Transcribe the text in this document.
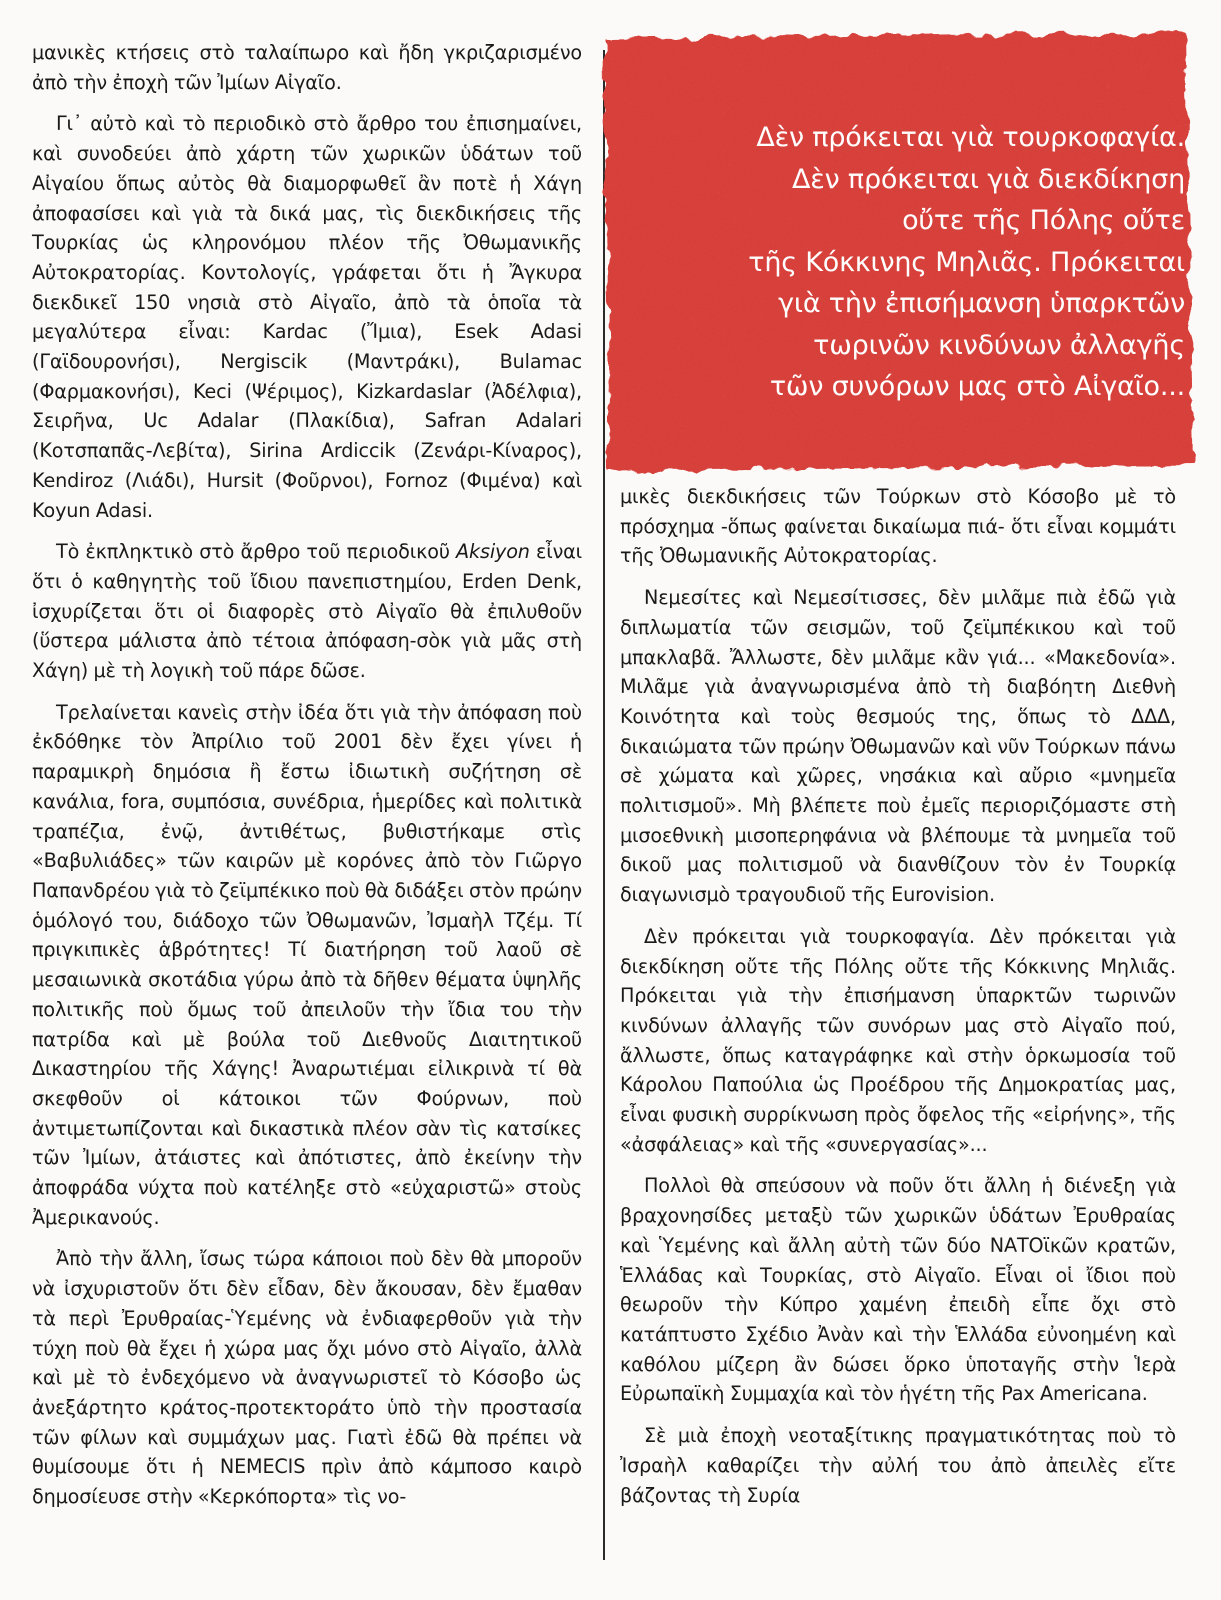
μανικὲς κτήσεις στὸ ταλαίπωρο καὶ ἤδη γκριζαρισμένο ἀπὸ τὴν ἐποχὴ τῶν Ἰμίων Αἰγαῖο.

Γι᾽ αὐτὸ καὶ τὸ περιοδικὸ στὸ ἄρθρο του ἐπισημαίνει, καὶ συνοδεύει ἀπὸ χάρτη τῶν χωρικῶν ὑδάτων τοῦ Αἰγαίου ὅπως αὐτὸς θὰ διαμορφωθεῖ ἂν ποτὲ ἡ Χάγη ἀποφασίσει καὶ γιὰ τὰ δικά μας, τὶς διεκδικήσεις τῆς Τουρκίας ὡς κληρονόμου πλέον τῆς Ὀθωμανικῆς Αὐτοκρατορίας. Κοντολογίς, γράφεται ὅτι ἡ Ἄγκυρα διεκδικεῖ 150 νησιὰ στὸ Αἰγαῖο, ἀπὸ τὰ ὁποῖα τὰ μεγαλύτερα εἶναι: Kardac (Ἴμια), Esek Adasi (Γαϊδουρονήσι), Nergiscik (Μαντράκι), Bulamac (Φαρμακονήσι), Keci (Ψέριμος), Kizkardaslar (Ἀδέλφια), Σειρῆνα, Uc Adalar (Πλακίδια), Safran Adalari (Κοτσπαπᾶς-Λεβίτα), Sirina Ardiccik (Ζενάρι-Κίναρος), Kendiroz (Λιάδι), Hursit (Φοῦρνοι), Fornoz (Φιμένα) καὶ Koyun Adasi.

Τὸ ἐκπληκτικὸ στὸ ἄρθρο τοῦ περιοδικοῦ Aksiyon εἶναι ὅτι ὁ καθηγητὴς τοῦ ἴδιου πανεπιστημίου, Erden Denk, ἰσχυρίζεται ὅτι οἱ διαφορὲς στὸ Αἰγαῖο θὰ ἐπιλυθοῦν (ὕστερα μάλιστα ἀπὸ τέτοια ἀπόφαση-σὸκ γιὰ μᾶς στὴ Χάγη) μὲ τὴ λογικὴ τοῦ πάρε δῶσε.

Τρελαίνεται κανεὶς στὴν ἰδέα ὅτι γιὰ τὴν ἀπόφαση ποὺ ἐκδόθηκε τὸν Ἀπρίλιο τοῦ 2001 δὲν ἔχει γίνει ἡ παραμικρὴ δημόσια ἢ ἔστω ἰδιωτικὴ συζήτηση σὲ κανάλια, fora, συμπόσια, συνέδρια, ἡμερίδες καὶ πολιτικὰ τραπέζια, ἐνῷ, ἀντιθέτως, βυθιστήκαμε στὶς «Βαβυλιάδες» τῶν καιρῶν μὲ κορόνες ἀπὸ τὸν Γιῶργο Παπανδρέου γιὰ τὸ ζεϊμπέκικο ποὺ θὰ διδάξει στὸν πρώην ὁμόλογό του, διάδοχο τῶν Ὀθωμανῶν, Ἰσμαὴλ Τζέμ. Τί πριγκιπικὲς ἁβρότητες! Τί διατήρηση τοῦ λαοῦ σὲ μεσαιωνικὰ σκοτάδια γύρω ἀπὸ τὰ δῆθεν θέματα ὑψηλῆς πολιτικῆς ποὺ ὅμως τοῦ ἀπειλοῦν τὴν ἴδια του τὴν πατρίδα καὶ μὲ βούλα τοῦ Διεθνοῦς Διαιτητικοῦ Δικαστηρίου τῆς Χάγης! Ἀναρωτιέμαι εἰλικρινὰ τί θὰ σκεφθοῦν οἱ κάτοικοι τῶν Φούρνων, ποὺ ἀντιμετωπίζονται καὶ δικαστικὰ πλέον σὰν τὶς κατσίκες τῶν Ἰμίων, ἀτάιστες καὶ ἀπότιστες, ἀπὸ ἐκείνην τὴν ἀποφράδα νύχτα ποὺ κατέληξε στὸ «εὐχαριστῶ» στοὺς Ἀμερικανούς.

Ἀπὸ τὴν ἄλλη, ἴσως τώρα κάποιοι ποὺ δὲν θὰ μποροῦν νὰ ἰσχυριστοῦν ὅτι δὲν εἶδαν, δὲν ἄκουσαν, δὲν ἔμαθαν τὰ περὶ Ἐρυθραίας-Ὑεμένης νὰ ἐνδιαφερθοῦν γιὰ τὴν τύχη ποὺ θὰ ἔχει ἡ χώρα μας ὄχι μόνο στὸ Αἰγαῖο, ἀλλὰ καὶ μὲ τὸ ἐνδεχόμενο νὰ ἀναγνωριστεῖ τὸ Κόσοβο ὡς ἀνεξάρτητο κράτος-προτεκτοράτο ὑπὸ τὴν προστασία τῶν φίλων καὶ συμμάχων μας. Γιατὶ ἐδῶ θὰ πρέπει νὰ θυμίσουμε ὅτι ἡ NEMECIS πρὶν ἀπὸ κάμποσο καιρὸ δημοσίευσε στὴν «Κερκόπορτα» τὶς νο-

Δὲν πρόκειται γιὰ τουρκοφαγία.
Δὲν πρόκειται γιὰ διεκδίκηση
οὔτε τῆς Πόλης οὔτε
τῆς Κόκκινης Μηλιᾶς. Πρόκειται
γιὰ τὴν ἐπισήμανση ὑπαρκτῶν
τωρινῶν κινδύνων ἀλλαγῆς
τῶν συνόρων μας στὸ Αἰγαῖο...

μικὲς διεκδικήσεις τῶν Τούρκων στὸ Κόσοβο μὲ τὸ πρόσχημα -ὅπως φαίνεται δικαίωμα πιά- ὅτι εἶναι κομμάτι τῆς Ὀθωμανικῆς Αὐτοκρατορίας.

Νεμεσίτες καὶ Νεμεσίτισσες, δὲν μιλᾶμε πιὰ ἐδῶ γιὰ διπλωματία τῶν σεισμῶν, τοῦ ζεϊμπέκικου καὶ τοῦ μπακλαβᾶ. Ἄλλωστε, δὲν μιλᾶμε κἂν γιά... «Μακεδονία». Μιλᾶμε γιὰ ἀναγνωρισμένα ἀπὸ τὴ διαβόητη Διεθνὴ Κοινότητα καὶ τοὺς θεσμούς της, ὅπως τὸ ΔΔΔ, δικαιώματα τῶν πρώην Ὀθωμανῶν καὶ νῦν Τούρκων πάνω σὲ χώματα καὶ χῶρες, νησάκια καὶ αὔριο «μνημεῖα πολιτισμοῦ». Μὴ βλέπετε ποὺ ἐμεῖς περιοριζόμαστε στὴ μισοεθνικὴ μισοπερηφάνια νὰ βλέπουμε τὰ μνημεῖα τοῦ δικοῦ μας πολιτισμοῦ νὰ διανθίζουν τὸν ἐν Τουρκίᾳ διαγωνισμὸ τραγουδιοῦ τῆς Eurovision.

Δὲν πρόκειται γιὰ τουρκοφαγία. Δὲν πρόκειται γιὰ διεκδίκηση οὔτε τῆς Πόλης οὔτε τῆς Κόκκινης Μηλιᾶς. Πρόκειται γιὰ τὴν ἐπισήμανση ὑπαρκτῶν τωρινῶν κινδύνων ἀλλαγῆς τῶν συνόρων μας στὸ Αἰγαῖο πού, ἄλλωστε, ὅπως καταγράφηκε καὶ στὴν ὁρκωμοσία τοῦ Κάρολου Παπούλια ὡς Προέδρου τῆς Δημοκρατίας μας, εἶναι φυσικὴ συρρίκνωση πρὸς ὄφελος τῆς «εἰρήνης», τῆς «ἀσφάλειας» καὶ τῆς «συνεργασίας»...

Πολλοὶ θὰ σπεύσουν νὰ ποῦν ὅτι ἄλλη ἡ διένεξη γιὰ βραχονησίδες μεταξὺ τῶν χωρικῶν ὑδάτων Ἐρυθραίας καὶ Ὑεμένης καὶ ἄλλη αὐτὴ τῶν δύο ΝΑΤΟϊκῶν κρατῶν, Ἑλλάδας καὶ Τουρκίας, στὸ Αἰγαῖο. Εἶναι οἱ ἴδιοι ποὺ θεωροῦν τὴν Κύπρο χαμένη ἐπειδὴ εἶπε ὄχι στὸ κατάπτυστο Σχέδιο Ἀνὰν καὶ τὴν Ἑλλάδα εὐνοημένη καὶ καθόλου μίζερη ἂν δώσει ὅρκο ὑποταγῆς στὴν Ἱερὰ Εὐρωπαϊκὴ Συμμαχία καὶ τὸν ἡγέτη τῆς Pax Americana.

Σὲ μιὰ ἐποχὴ νεοταξίτικης πραγματικότητας ποὺ τὸ Ἰσραὴλ καθαρίζει τὴν αὐλή του ἀπὸ ἀπειλὲς εἴτε βάζοντας τὴ Συρία
